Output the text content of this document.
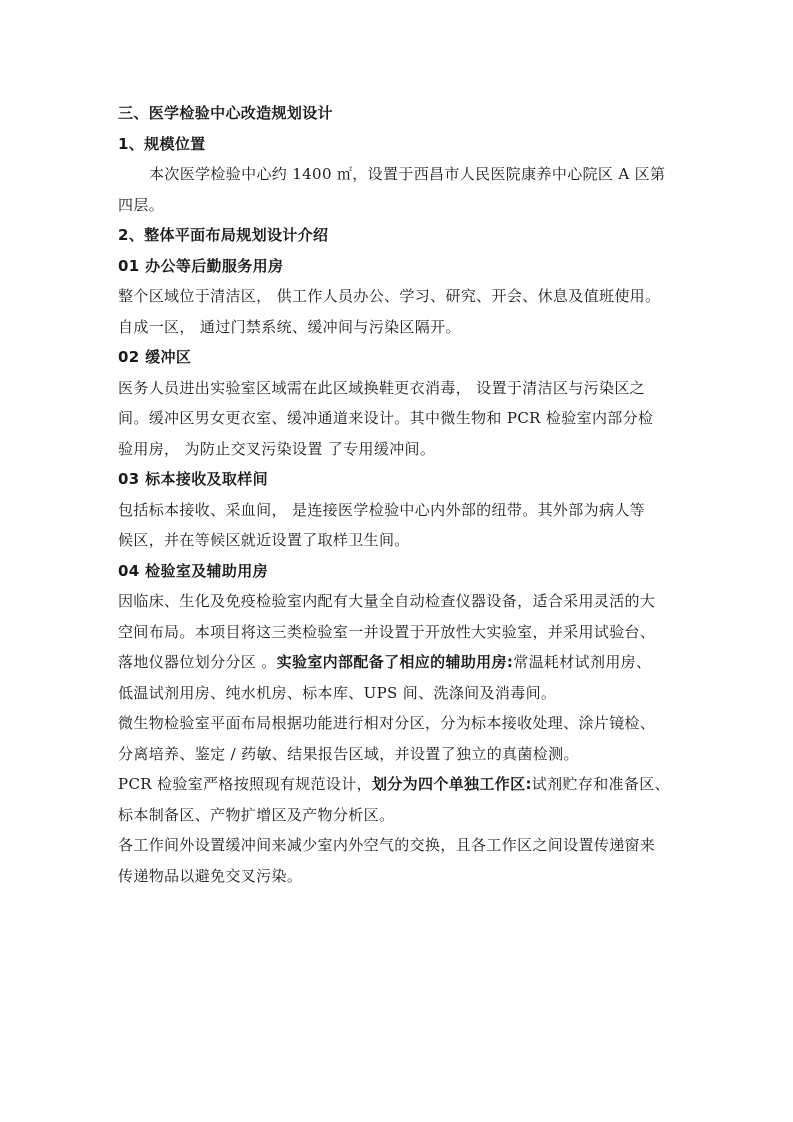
三、医学检验中心改造规划设计
1、规模位置
本次医学检验中心约 1400 ㎡，设置于西昌市人民医院康养中心院区 A 区第
四层。
2、整体平面布局规划设计介绍
01 办公等后勤服务用房
整个区域位于清洁区， 供工作人员办公、学习、研究、开会、休息及值班使用。
自成一区， 通过门禁系统、缓冲间与污染区隔开。
02 缓冲区
医务人员进出实验室区域需在此区域换鞋更衣消毒， 设置于清洁区与污染区之
间。缓冲区男女更衣室、缓冲通道来设计。其中微生物和 PCR 检验室内部分检
验用房， 为防止交叉污染设置 了专用缓冲间。
03 标本接收及取样间
包括标本接收、采血间， 是连接医学检验中心内外部的纽带。其外部为病人等
候区，并在等候区就近设置了取样卫生间。
04 检验室及辅助用房
因临床、生化及免疫检验室内配有大量全自动检查仪器设备，适合采用灵活的大
空间布局。本项目将这三类检验室一并设置于开放性大实验室，并采用试验台、
落地仪器位划分分区 。实验室内部配备了相应的辅助用房:常温耗材试剂用房、
低温试剂用房、纯水机房、标本库、UPS 间、洗涤间及消毒间。
微生物检验室平面布局根据功能进行相对分区，分为标本接收处理、涂片镜检、
分离培养、鉴定 / 药敏、结果报告区域，并设置了独立的真菌检测。
PCR 检验室严格按照现有规范设计，划分为四个单独工作区:试剂贮存和准备区、
标本制备区、产物扩增区及产物分析区。
各工作间外设置缓冲间来减少室内外空气的交换，且各工作区之间设置传递窗来
传递物品以避免交叉污染。
